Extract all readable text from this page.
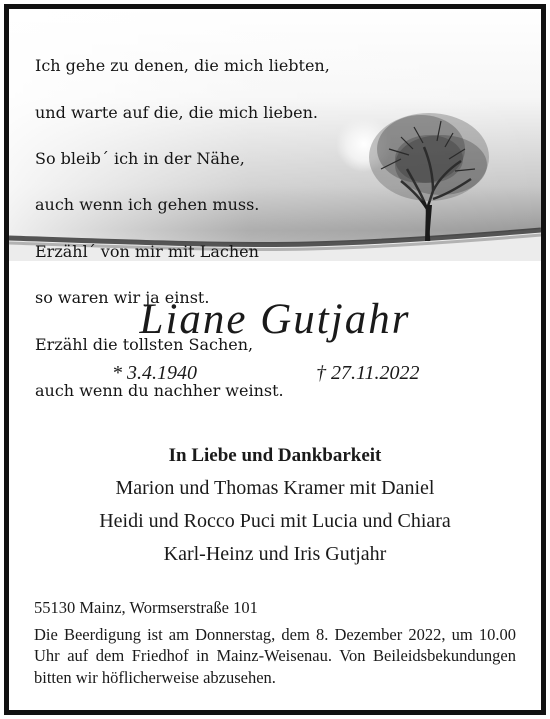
Ich gehe zu denen, die mich liebten,

und warte auf die, die mich lieben.

So bleib´ ich in der Nähe,

auch wenn ich gehen muss.

Erzähl´ von mir mit Lachen

so waren wir ja einst.

Erzähl die tollsten Sachen,

auch wenn du nachher weinst.

Liane Gutjahr
* 3.4.1940	† 27.11.2022
In Liebe und Dankbarkeit
Marion und Thomas Kramer mit Daniel
Heidi und Rocco Puci mit Lucia und Chiara
Karl-Heinz und Iris Gutjahr
55130 Mainz, Wormserstraße 101
Die Beerdigung ist am Donnerstag, dem 8. Dezember 2022, um 10.00 Uhr auf dem Friedhof in Mainz-Weisenau. Von Beileidsbekundungen bitten wir höflicherweise abzusehen.
